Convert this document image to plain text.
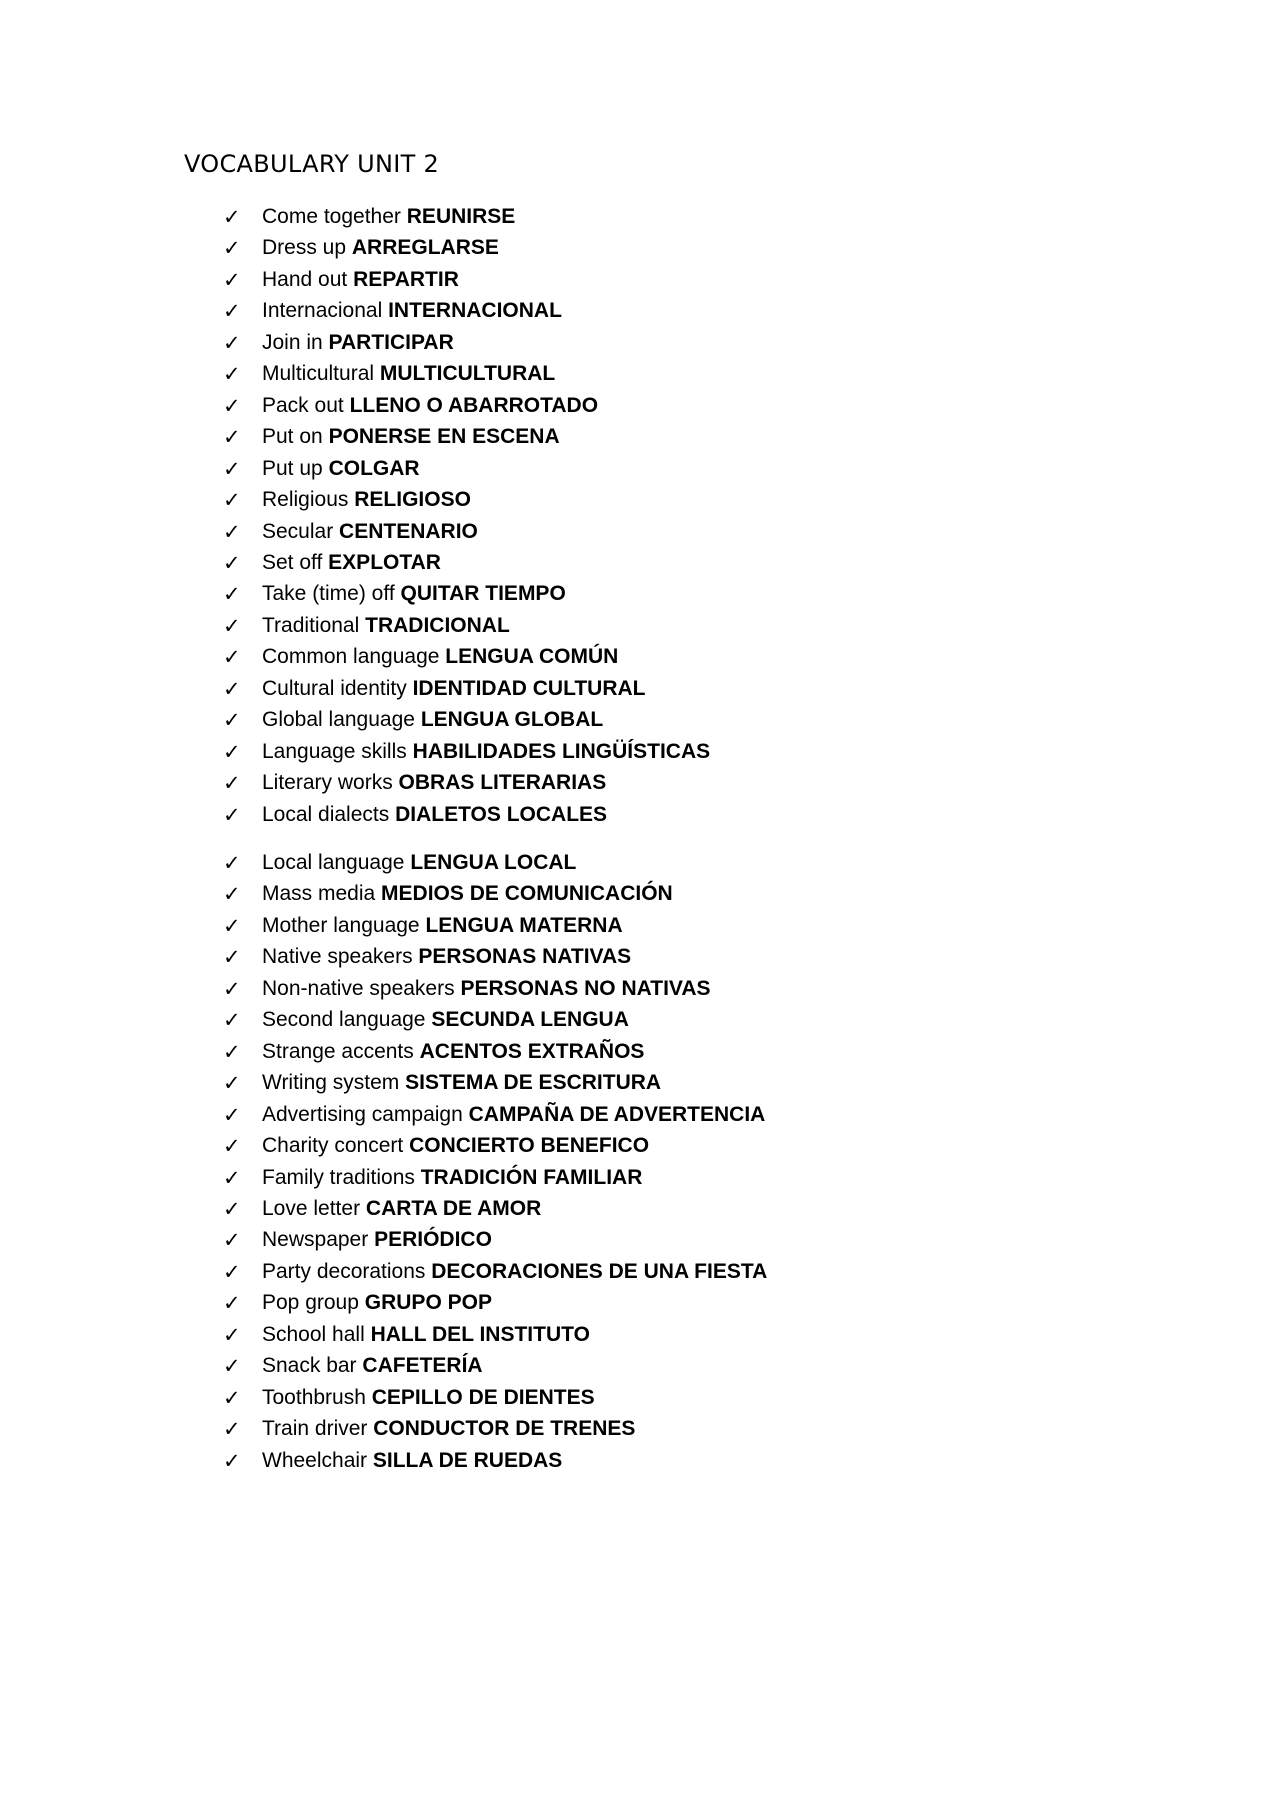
VOCABULARY UNIT 2
✓ Come together REUNIRSE
✓ Dress up ARREGLARSE
✓ Hand out REPARTIR
✓ Internacional INTERNACIONAL
✓ Join in PARTICIPAR
✓ Multicultural MULTICULTURAL
✓ Pack out LLENO O ABARROTADO
✓ Put on PONERSE EN ESCENA
✓ Put up COLGAR
✓ Religious RELIGIOSO
✓ Secular CENTENARIO
✓ Set off EXPLOTAR
✓ Take (time) off QUITAR TIEMPO
✓ Traditional TRADICIONAL
✓ Common language LENGUA COMÚN
✓ Cultural identity IDENTIDAD CULTURAL
✓ Global language LENGUA GLOBAL
✓ Language skills HABILIDADES LINGÜÍSTICAS
✓ Literary works OBRAS LITERARIAS
✓ Local dialects DIALETOS LOCALES
✓ Local language LENGUA LOCAL
✓ Mass media MEDIOS DE COMUNICACIÓN
✓ Mother language LENGUA MATERNA
✓ Native speakers PERSONAS NATIVAS
✓ Non-native speakers PERSONAS NO NATIVAS
✓ Second language SECUNDA LENGUA
✓ Strange accents ACENTOS EXTRAÑOS
✓ Writing system SISTEMA DE ESCRITURA
✓ Advertising campaign CAMPAÑA DE ADVERTENCIA
✓ Charity concert CONCIERTO BENEFICO
✓ Family traditions TRADICIÓN FAMILIAR
✓ Love letter CARTA DE AMOR
✓ Newspaper PERIÓDICO
✓ Party decorations DECORACIONES DE UNA FIESTA
✓ Pop group GRUPO POP
✓ School hall HALL DEL INSTITUTO
✓ Snack bar CAFETERÍA
✓ Toothbrush CEPILLO DE DIENTES
✓ Train driver CONDUCTOR DE TRENES
✓ Wheelchair SILLA DE RUEDAS
